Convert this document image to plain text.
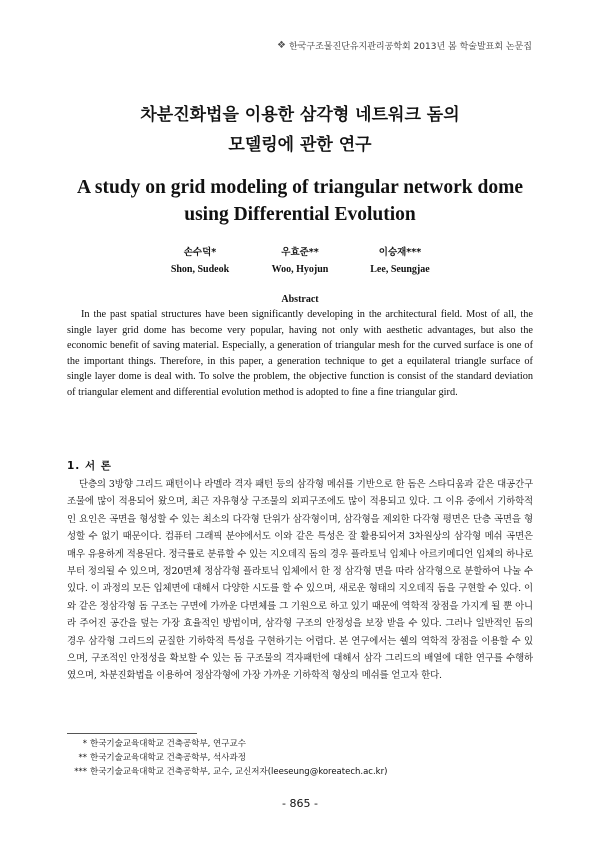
❖ 한국구조물진단유지관리공학회 2013년 봄 학술발표회 논문집
차분진화법을 이용한 삼각형 네트워크 돔의
모델링에 관한 연구
A study on grid modeling of triangular network dome
using Differential Evolution
손수덕*
Shon, Sudeok
우효준**
Woo, Hyojun
이승재***
Lee, Seungjae
Abstract

In the past spatial structures have been significantly developing in the architectural field. Most of all, the single layer grid dome has become very popular, having not only with aesthetic advantages, but also the economic benefit of saving material. Especially, a generation of triangular mesh for the curved surface is one of the important things. Therefore, in this paper, a generation technique to get a equilateral triangle surface of single layer dome is deal with. To solve the problem, the objective function is consist of the standard deviation of triangular element and differential evolution method is adopted to fine a fine triangular gird.

1. 서 론

단층의 3방향 그리드 패턴이나 라멜라 격자 패턴 등의 삼각형 메쉬를 기반으로 한 돔은 스타디움과 같은 대공간구조물에 많이 적용되어 왔으며, 최근 자유형상 구조물의 외피구조에도 많이 적용되고 있다. 그 이유 중에서 기하학적인 요인은 곡면을 형성할 수 있는 최소의 다각형 단위가 삼각형이며, 삼각형을 제외한 다각형 평면은 단층 곡면을 형성할 수 없기 때문이다. 컴퓨터 그래픽 분야에서도 이와 같은 특성은 잘 활용되어져 3차원상의 삼각형 메쉬 곡면은 매우 유용하게 적용된다. 정극률로 분류할 수 있는 지오데직 돔의 경우 플라토닉 입체나 아르키메디언 입체의 하나로 부터 정의될 수 있으며, 정20면체 정삼각형 플라토닉 입체에서 한 정 삼각형 면을 따라 삼각형으로 분할하여 나눌 수 있다. 이 과정의 모든 입체면에 대해서 다양한 시도를 할 수 있으며, 새로운 형태의 지오데직 돔을 구현할 수 있다. 이와 같은 정삼각형 돔 구조는 구면에 가까운 다면체를 그 기원으로 하고 있기 때문에 역학적 장점을 가지게 될 뿐 아니라 주어진 공간을 덮는 가장 효율적인 방법이며, 삼각형 구조의 안정성을 보장 받을 수 있다. 그러나 일반적인 돔의 경우 삼각형 그리드의 균질한 기하학적 특성을 구현하기는 어렵다. 본 연구에서는 쉘의 역학적 장점을 이용할 수 있으며, 구조적인 안정성을 확보할 수 있는 돔 구조물의 격자패턴에 대해서 삼각 그리드의 배열에 대한 연구를 수행하였으며, 차분진화법을 이용하여 정삼각형에 가장 가까운 기하학적 형상의 메쉬를 얻고자 한다.

* 한국기술교육대학교 건축공학부, 연구교수
** 한국기술교육대학교 건축공학부, 석사과정
*** 한국기술교육대학교 건축공학부, 교수, 교신저자(leeseung@koreatech.ac.kr)
- 865 -
